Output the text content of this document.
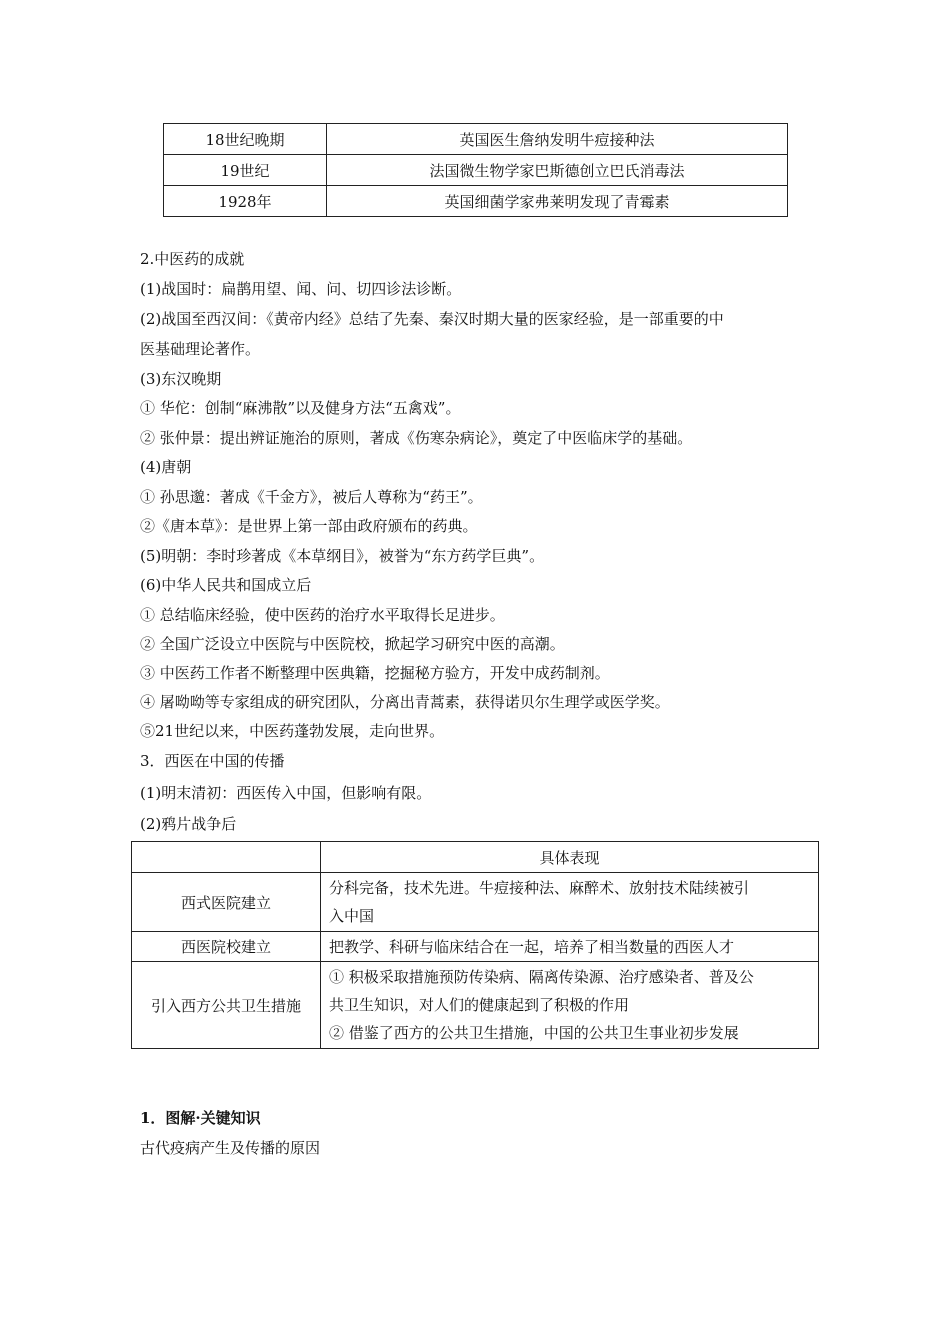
18世纪晚期	英国医生詹纳发明牛痘接种法
19世纪	法国微生物学家巴斯德创立巴氏消毒法
1928年	英国细菌学家弗莱明发现了青霉素
2.中医药的成就
(1)战国时：扁鹊用望、闻、问、切四诊法诊断。
(2)战国至西汉间：《黄帝内经》总结了先秦、秦汉时期大量的医家经验，是一部重要的中
医基础理论著作。
(3)东汉晚期
① 华佗：创制“麻沸散”以及健身方法“五禽戏”。
② 张仲景：提出辨证施治的原则，著成《伤寒杂病论》，奠定了中医临床学的基础。
(4)唐朝
① 孙思邈：著成《千金方》，被后人尊称为“药王”。
②《唐本草》：是世界上第一部由政府颁布的药典。
(5)明朝：李时珍著成《本草纲目》，被誉为“东方药学巨典”。
(6)中华人民共和国成立后
① 总结临床经验，使中医药的治疗水平取得长足进步。
② 全国广泛设立中医院与中医院校，掀起学习研究中医的高潮。
③ 中医药工作者不断整理中医典籍，挖掘秘方验方，开发中成药制剂。
④ 屠呦呦等专家组成的研究团队，分离出青蒿素，获得诺贝尔生理学或医学奖。
⑤21世纪以来，中医药蓬勃发展，走向世界。
3．西医在中国的传播
(1)明末清初：西医传入中国，但影响有限。
(2)鸦片战争后
	具体表现
西式医院建立	分科完备，技术先进。牛痘接种法、麻醉术、放射技术陆续被引
入中国

西医院校建立	把教学、科研与临床结合在一起，培养了相当数量的西医人才

引入西方公共卫生措施	① 积极采取措施预防传染病、隔离传染源、治疗感染者、普及公
共卫生知识，对人们的健康起到了积极的作用
② 借鉴了西方的公共卫生措施，中国的公共卫生事业初步发展
1．图解·关键知识
古代疫病产生及传播的原因
